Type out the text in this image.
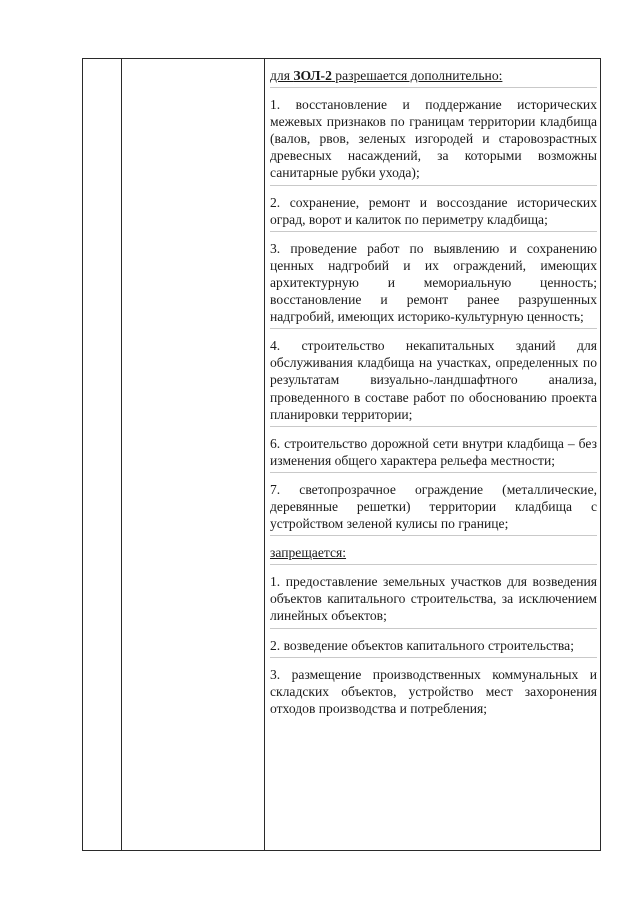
для ЗОЛ-2 разрешается дополнительно:

1. восстановление и поддержание исторических межевых признаков по границам территории кладбища (валов, рвов, зеленых изгородей и старовозрастных древесных насаждений, за которыми возможны санитарные рубки ухода);

2. сохранение, ремонт и воссоздание исторических оград, ворот и калиток по периметру кладбища;

3. проведение работ по выявлению и сохранению ценных надгробий и их ограждений, имеющих архитектурную и мемориальную ценность; восстановление и ремонт ранее разрушенных надгробий, имеющих историко-культурную ценность;

4. строительство некапитальных зданий для обслуживания кладбища на участках, определенных по результатам визуально-ландшафтного анализа, проведенного в составе работ по обоснованию проекта планировки территории;

6. строительство дорожной сети внутри кладбища – без изменения общего характера рельефа местности;

7. светопрозрачное ограждение (металлические, деревянные решетки) территории кладбища с устройством зеленой кулисы по границе;

запрещается:

1. предоставление земельных участков для возведения объектов капитального строительства, за исключением линейных объектов;

2. возведение объектов капитального строительства;

3. размещение производственных коммунальных и складских объектов, устройство мест захоронения отходов производства и потребления;
